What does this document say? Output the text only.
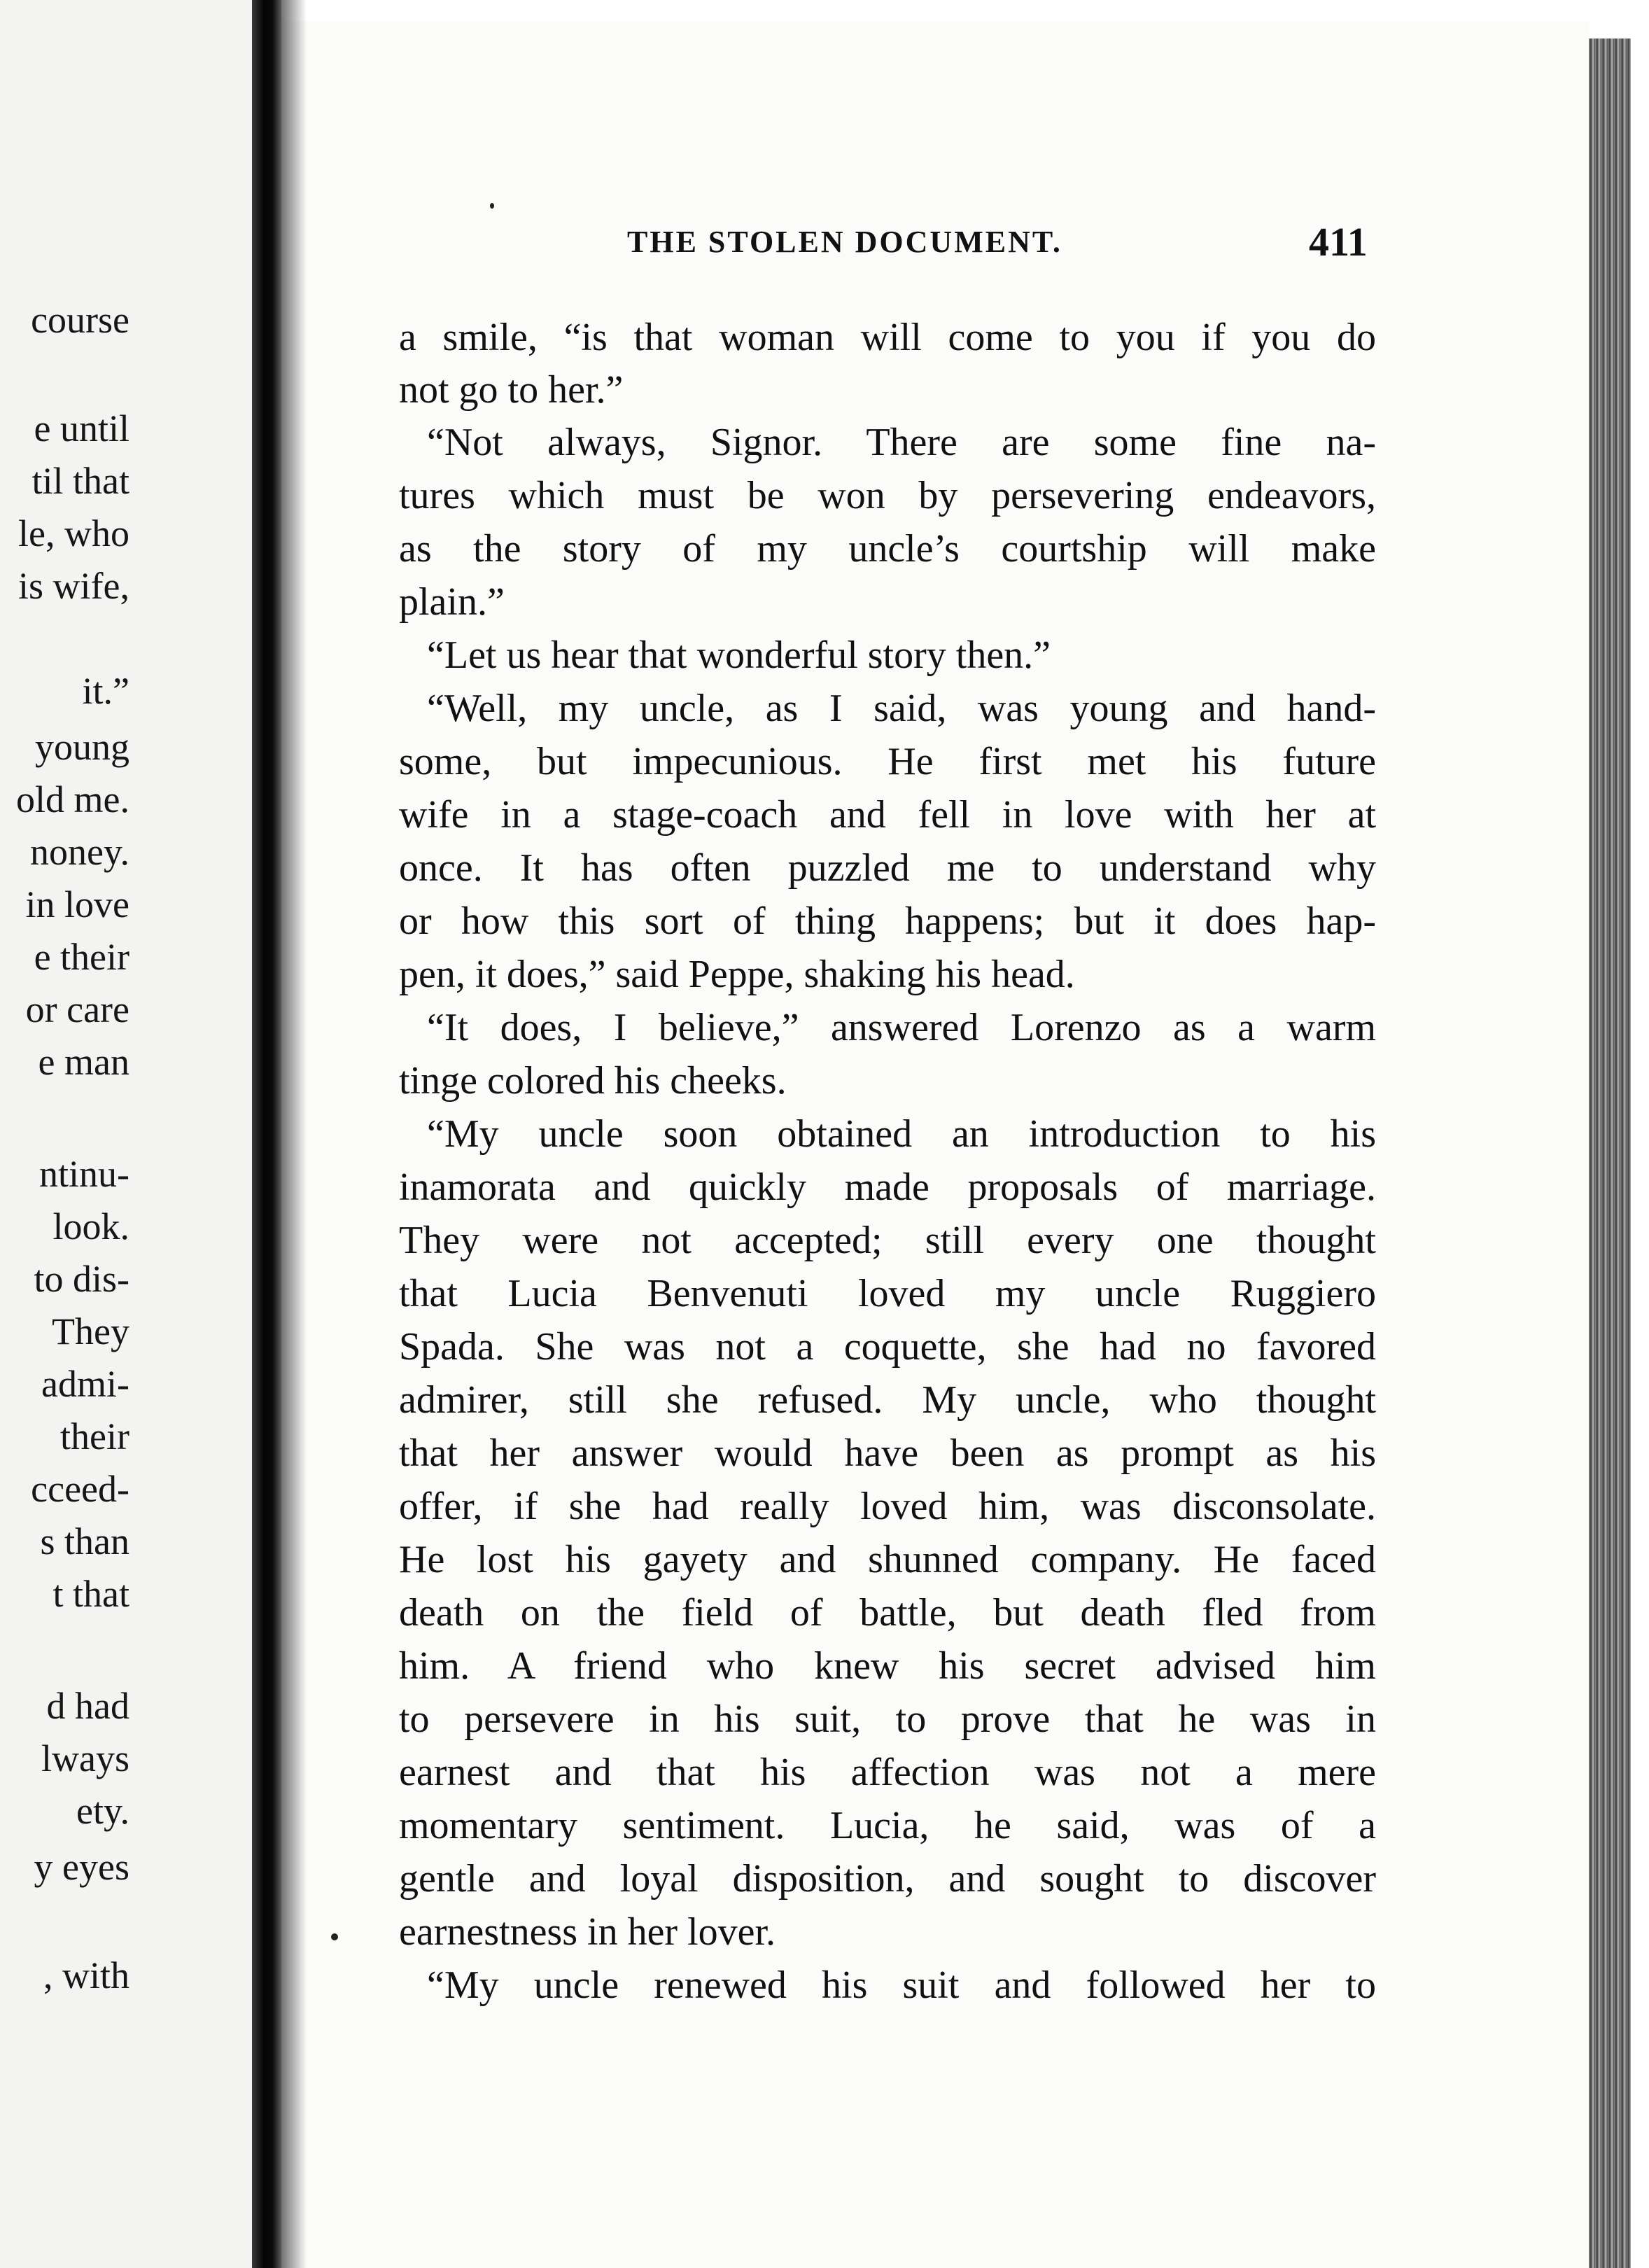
course
e until
til that
le, who
is wife,
it.”
young
old me.
noney.
in love
e their
or care
e man
ntinu-
look.
to dis-
They
admi-
their
cceed-
s than
t that
d had
lways
ety.
y eyes
, with
THE STOLEN DOCUMENT.	411
a smile, “is that woman will come to you if you do
not go to her.”
“Not always, Signor. There are some fine na-
tures which must be won by persevering endeavors,
as the story of my uncle’s courtship will make
plain.”
“Let us hear that wonderful story then.”
“Well, my uncle, as I said, was young and hand-
some, but impecunious. He first met his future
wife in a stage-coach and fell in love with her at
once. It has often puzzled me to understand why
or how this sort of thing happens; but it does hap-
pen, it does,” said Peppe, shaking his head.
“It does, I believe,” answered Lorenzo as a warm
tinge colored his cheeks.
“My uncle soon obtained an introduction to his
inamorata and quickly made proposals of marriage.
They were not accepted; still every one thought
that Lucia Benvenuti loved my uncle Ruggiero
Spada. She was not a coquette, she had no favored
admirer, still she refused. My uncle, who thought
that her answer would have been as prompt as his
offer, if she had really loved him, was disconsolate.
He lost his gayety and shunned company. He faced
death on the field of battle, but death fled from
him. A friend who knew his secret advised him
to persevere in his suit, to prove that he was in
earnest and that his affection was not a mere
momentary sentiment. Lucia, he said, was of a
gentle and loyal disposition, and sought to discover
earnestness in her lover.
“My uncle renewed his suit and followed her to
